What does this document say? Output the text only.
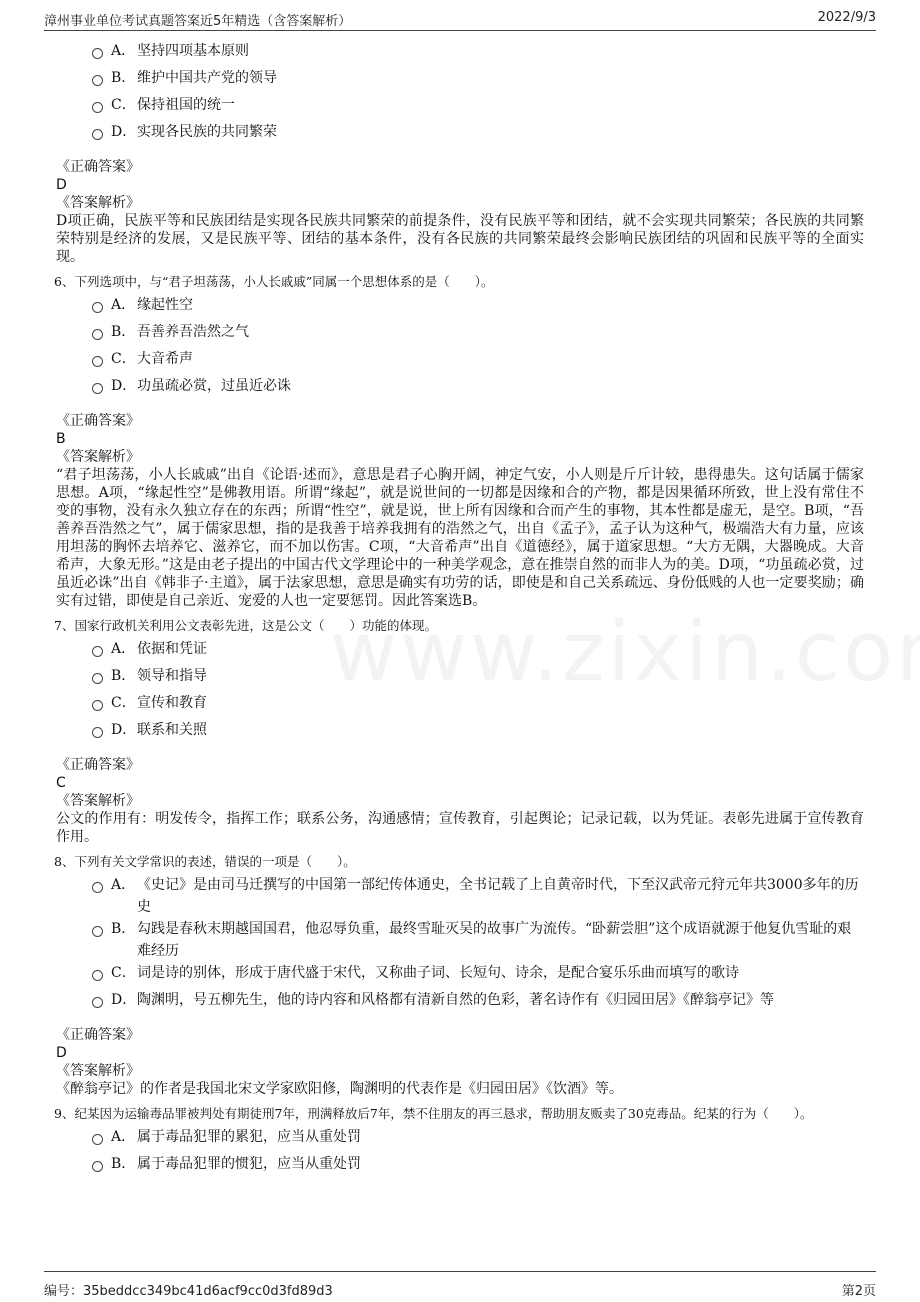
漳州事业单位考试真题答案近5年精选（含答案解析）	2022/9/3
A． 坚持四项基本原则
B． 维护中国共产党的领导
C． 保持祖国的统一
D． 实现各民族的共同繁荣
《正确答案》
D
《答案解析》
D项正确，民族平等和民族团结是实现各民族共同繁荣的前提条件，没有民族平等和团结，就不会实现共同繁荣；各民族的共同繁荣特别是经济的发展，又是民族平等、团结的基本条件，没有各民族的共同繁荣最终会影响民族团结的巩固和民族平等的全面实现。
6、下列选项中，与“君子坦荡荡，小人长戚戚”同属一个思想体系的是（　　）。
A． 缘起性空
B． 吾善养吾浩然之气
C． 大音希声
D． 功虽疏必赏，过虽近必诛
《正确答案》
B
《答案解析》
“君子坦荡荡，小人长戚戚”出自《论语·述而》，意思是君子心胸开阔，神定气安，小人则是斤斤计较，患得患失。这句话属于儒家思想。A项，“缘起性空”是佛教用语。所谓“缘起”，就是说世间的一切都是因缘和合的产物，都是因果循环所致，世上没有常住不变的事物，没有永久独立存在的东西；所谓“性空”，就是说，世上所有因缘和合而产生的事物，其本性都是虚无，是空。B项，“吾善养吾浩然之气”，属于儒家思想，指的是我善于培养我拥有的浩然之气，出自《孟子》，孟子认为这种气，极端浩大有力量，应该用坦荡的胸怀去培养它、滋养它，而不加以伤害。C项，“大音希声”出自《道德经》，属于道家思想。“大方无隅，大器晚成。大音希声，大象无形。”这是由老子提出的中国古代文学理论中的一种美学观念，意在推崇自然的而非人为的美。D项，“功虽疏必赏，过虽近必诛”出自《韩非子·主道》，属于法家思想，意思是确实有功劳的话，即使是和自己关系疏远、身份低贱的人也一定要奖励；确实有过错，即使是自己亲近、宠爱的人也一定要惩罚。因此答案选B。
7、国家行政机关利用公文表彰先进，这是公文（　　）功能的体现。
A． 依据和凭证
B． 领导和指导
C． 宣传和教育
D． 联系和关照
《正确答案》
C
《答案解析》
公文的作用有：明发传令，指挥工作；联系公务，沟通感情；宣传教育，引起舆论；记录记载，以为凭证。表彰先进属于宣传教育作用。
8、下列有关文学常识的表述，错误的一项是（　　）。
A． 《史记》是由司马迁撰写的中国第一部纪传体通史，全书记载了上自黄帝时代，下至汉武帝元狩元年共3000多年的历史
B． 勾践是春秋末期越国国君，他忍辱负重，最终雪耻灭吴的故事广为流传。“卧薪尝胆”这个成语就源于他复仇雪耻的艰难经历
C． 词是诗的别体，形成于唐代盛于宋代，又称曲子词、长短句、诗余，是配合宴乐乐曲而填写的歌诗
D． 陶渊明，号五柳先生，他的诗内容和风格都有清新自然的色彩，著名诗作有《归园田居》《醉翁亭记》等
《正确答案》
D
《答案解析》
《醉翁亭记》的作者是我国北宋文学家欧阳修，陶渊明的代表作是《归园田居》《饮酒》等。
9、纪某因为运输毒品罪被判处有期徒刑7年，刑满释放后7年，禁不住朋友的再三恳求，帮助朋友贩卖了30克毒品。纪某的行为（　　）。
A． 属于毒品犯罪的累犯，应当从重处罚
B． 属于毒品犯罪的惯犯，应当从重处罚
编号：35beddcc349bc41d6acf9cc0d3fd89d3	第2页
